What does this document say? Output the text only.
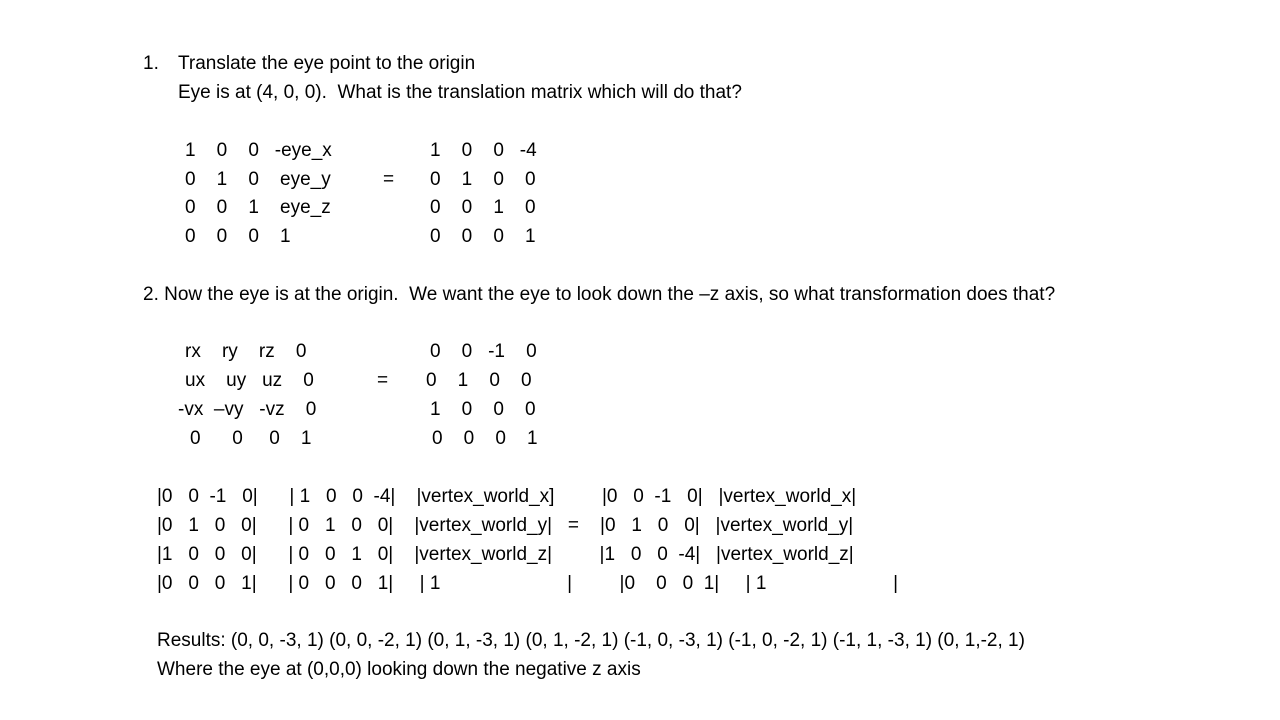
1. Translate the eye point to the origin
Eye is at (4, 0, 0).  What is the translation matrix which will do that?
1    0    0   -eye_x
0    1    0    eye_y
0    0    1    eye_z
0    0    0    1
=
1    0    0   -4
0    1    0    0
0    0    1    0
0    0    0    1
2. Now the eye is at the origin.  We want the eye to look down the –z axis, so what transformation does that?
rx    ry    rz    0
ux    uy   uz    0
-vx  –vy   -vz    0
0      0     0    1
=
0    0   -1    0
0    1    0    0
1    0    0    0
0    0    0    1
|0   0  -1   0|      | 1   0   0  -4|    |vertex_world_x]         |0   0  -1   0|   |vertex_world_x|
|0   1   0   0|      | 0   1   0   0|    |vertex_world_y|   =    |0   1   0   0|   |vertex_world_y|
|1   0   0   0|      | 0   0   1   0|    |vertex_world_z|         |1   0   0  -4|   |vertex_world_z|
|0   0   0   1|      | 0   0   0   1|     | 1                        |         |0    0   0  1|     | 1                        |
Results: (0, 0, -3, 1) (0, 0, -2, 1) (0, 1, -3, 1) (0, 1, -2, 1) (-1, 0, -3, 1) (-1, 0, -2, 1) (-1, 1, -3, 1) (0, 1,-2, 1)
Where the eye at (0,0,0) looking down the negative z axis
